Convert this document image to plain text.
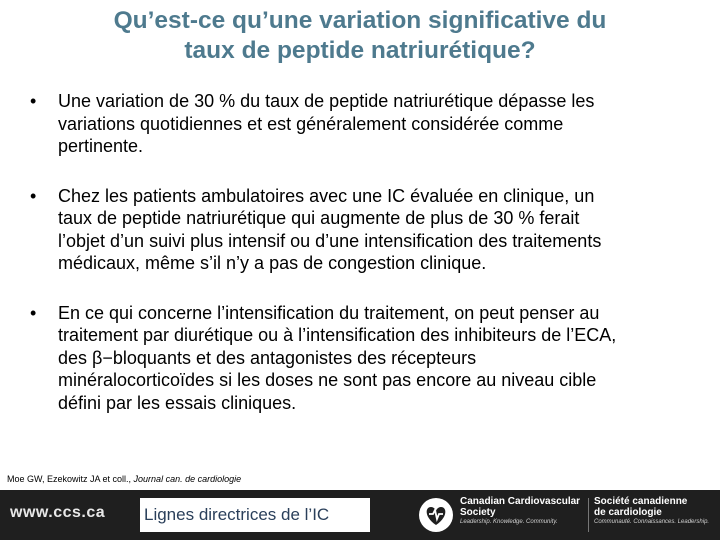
Qu’est-ce qu’une variation significative du
taux de peptide natriurétique?
•	Une variation de 30 % du taux de peptide natriurétique dépasse les
variations quotidiennes et est généralement considérée comme
pertinente.
•	Chez les patients ambulatoires avec une IC évaluée en clinique, un
taux de peptide natriurétique qui augmente de plus de 30 % ferait
l’objet d’un suivi plus intensif ou d’une intensification des traitements
médicaux, même s’il n’y a pas de congestion clinique.
•	En ce qui concerne l’intensification du traitement, on peut penser au
traitement par diurétique ou à l’intensification des inhibiteurs de l’ECA,
des β−bloquants et des antagonistes des récepteurs
minéralocorticoïdes si les doses ne sont pas encore au niveau cible
défini par les essais cliniques.
Moe GW, Ezekowitz JA et coll., Journal can. de cardiologie
www.ccs.ca Lignes directrices de l’IC
Canadian Cardiovascular
Society
Leadership. Knowledge. Community.
Société canadienne
de cardiologie
Communauté. Connaissances. Leadership.
